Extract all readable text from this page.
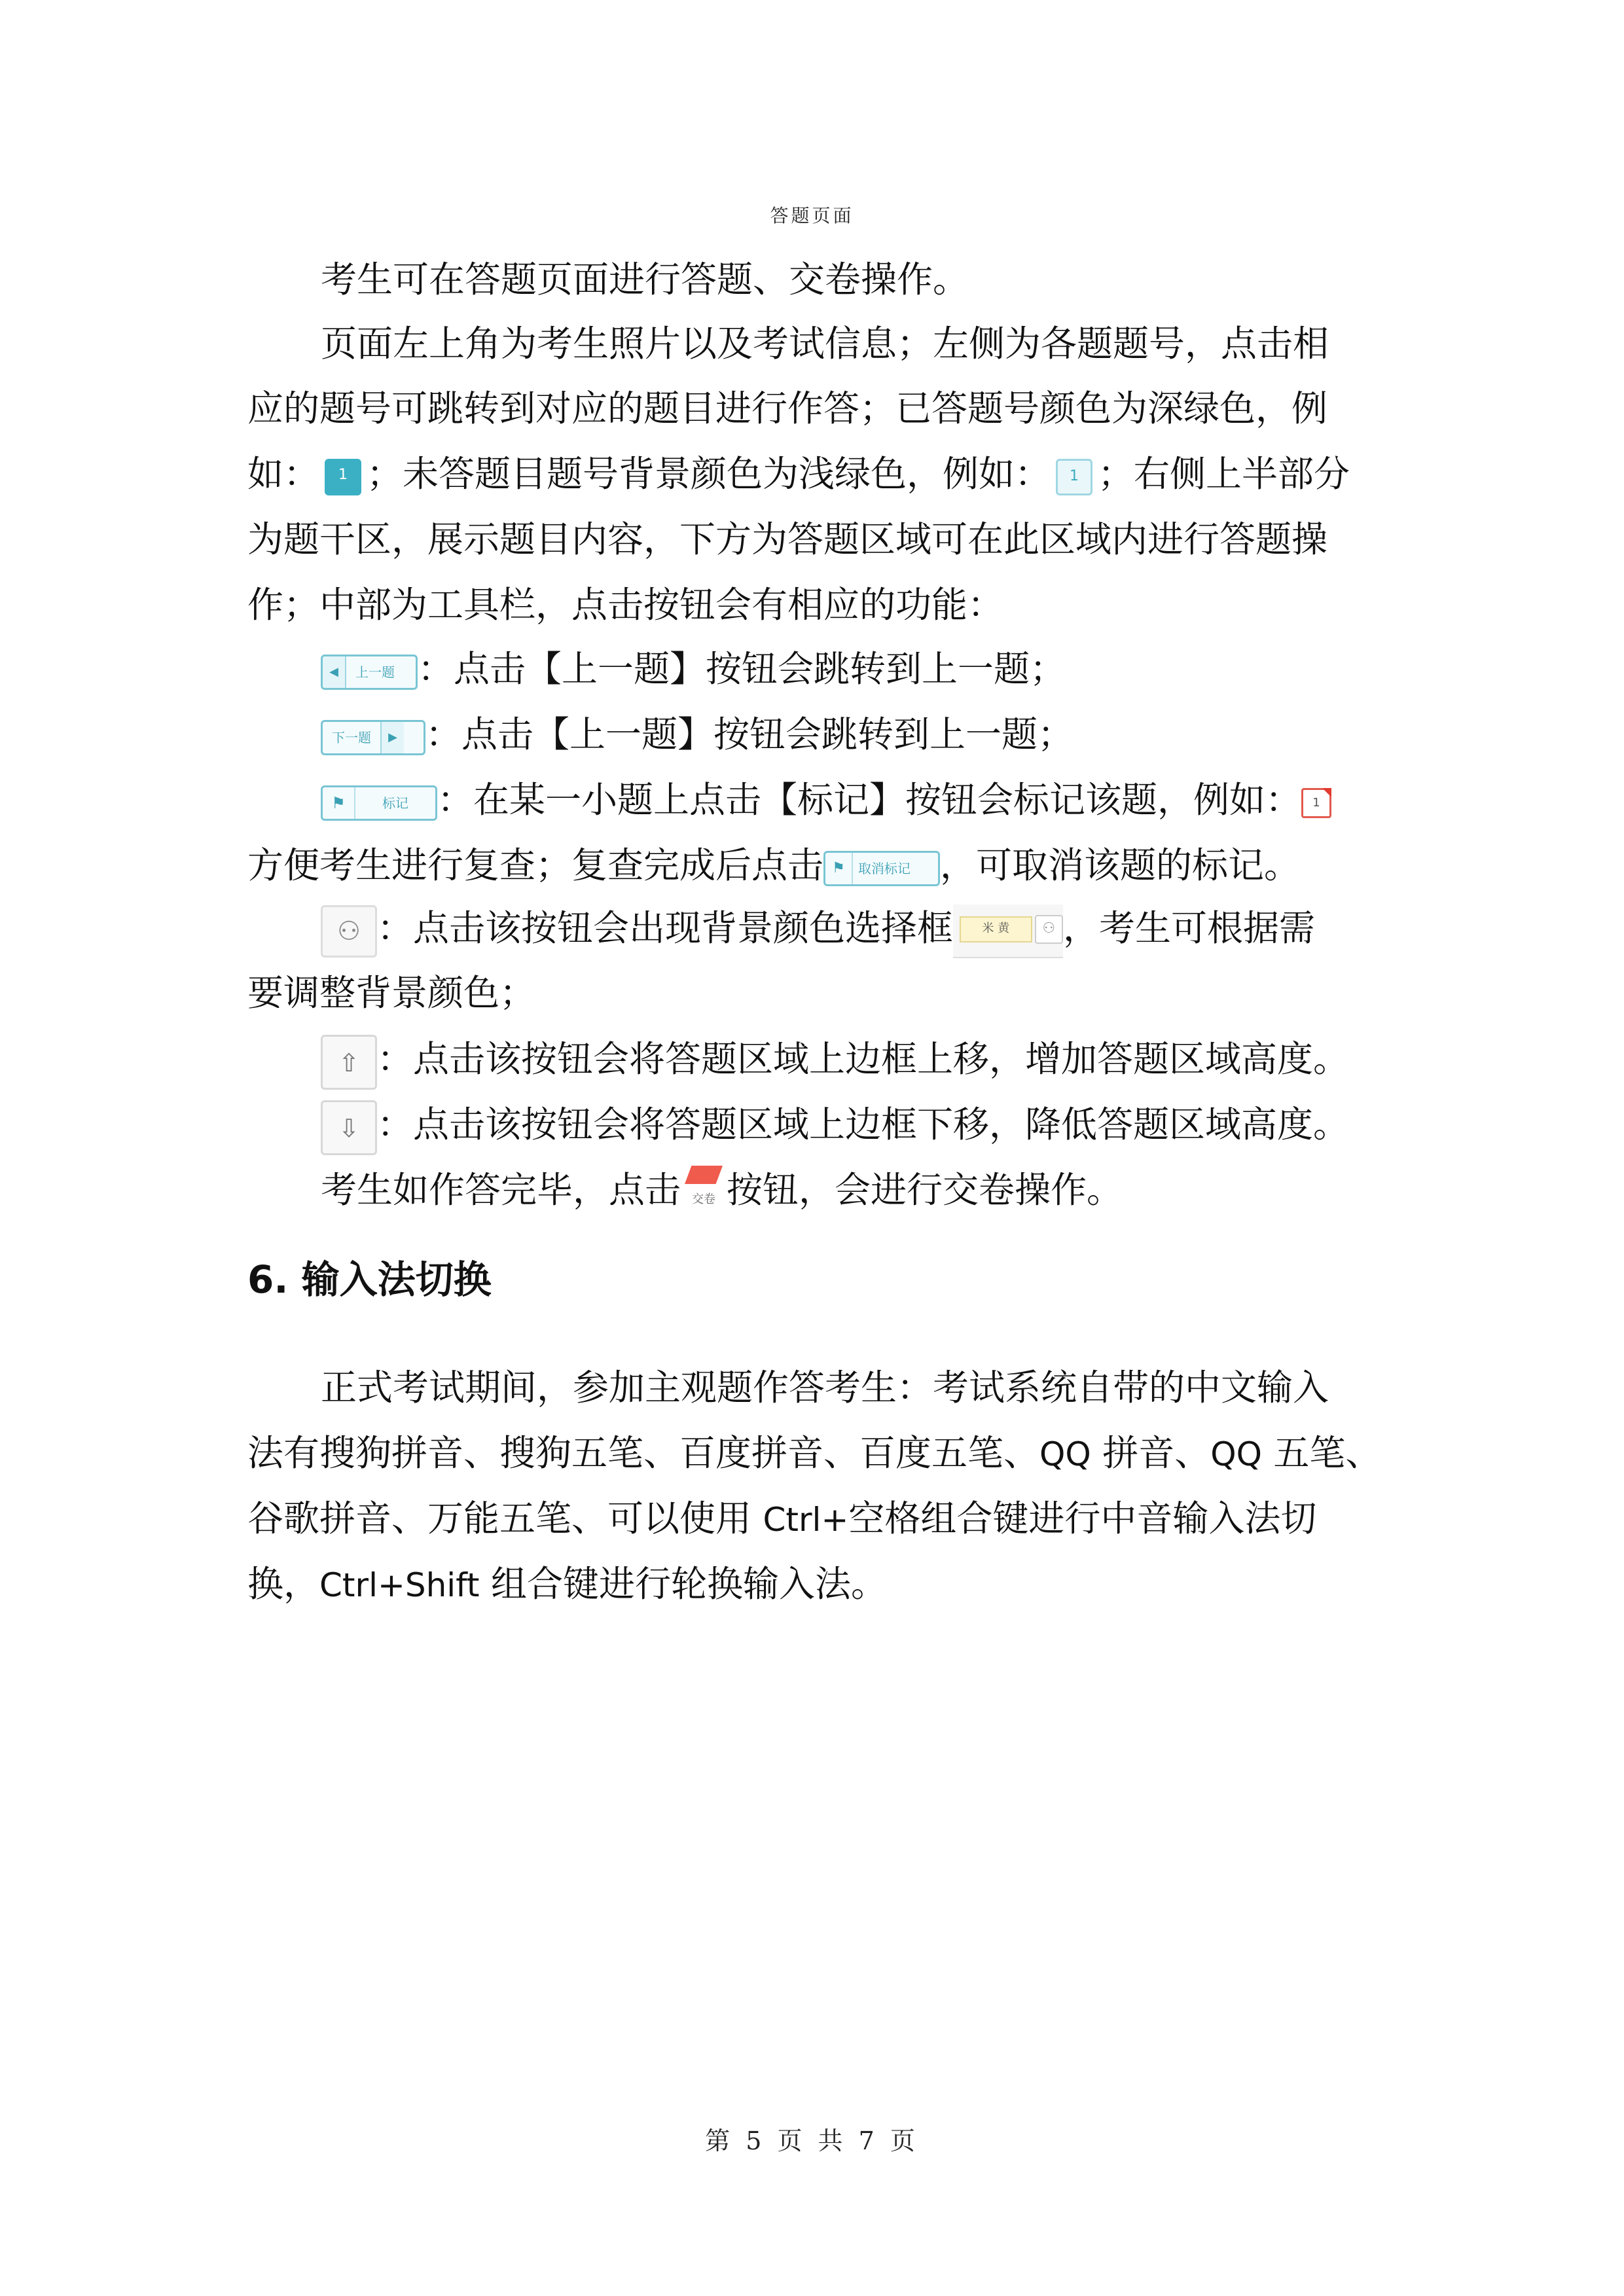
答题页面
考生可在答题页面进行答题、交卷操作。
页面左上角为考生照片以及考试信息；左侧为各题题号，点击相
应的题号可跳转到对应的题目进行作答；已答题号颜色为深绿色，例
如： 1 ；未答题目题号背景颜色为浅绿色，例如： 1 ；右侧上半部分
为题干区，展示题目内容，下方为答题区域可在此区域内进行答题操
作；中部为工具栏，点击按钮会有相应的功能：
◀	上一题 ：点击【上一题】按钮会跳转到上一题；
下一题	▶ ：点击【上一题】按钮会跳转到上一题；
⚑	标记 ：在某一小题上点击【标记】按钮会标记该题，例如： 1
方便考生进行复查；复查完成后点击 ⚑	取消标记 ，可取消该题的标记。
⚇ ：点击该按钮会出现背景颜色选择框	米 黄	⚇ ，考生可根据需
要调整背景颜色；
⇧ ：点击该按钮会将答题区域上边框上移，增加答题区域高度。
⇩ ：点击该按钮会将答题区域上边框下移，降低答题区域高度。
考生如作答完毕，点击 交卷 按钮，会进行交卷操作。
6. 输入法切换
正式考试期间，参加主观题作答考生：考试系统自带的中文输入
法有搜狗拼音、搜狗五笔、百度拼音、百度五笔、QQ 拼音、QQ 五笔、
谷歌拼音、万能五笔、可以使用 Ctrl+空格组合键进行中音输入法切
换，Ctrl+Shift 组合键进行轮换输入法。
第 5 页 共 7 页
